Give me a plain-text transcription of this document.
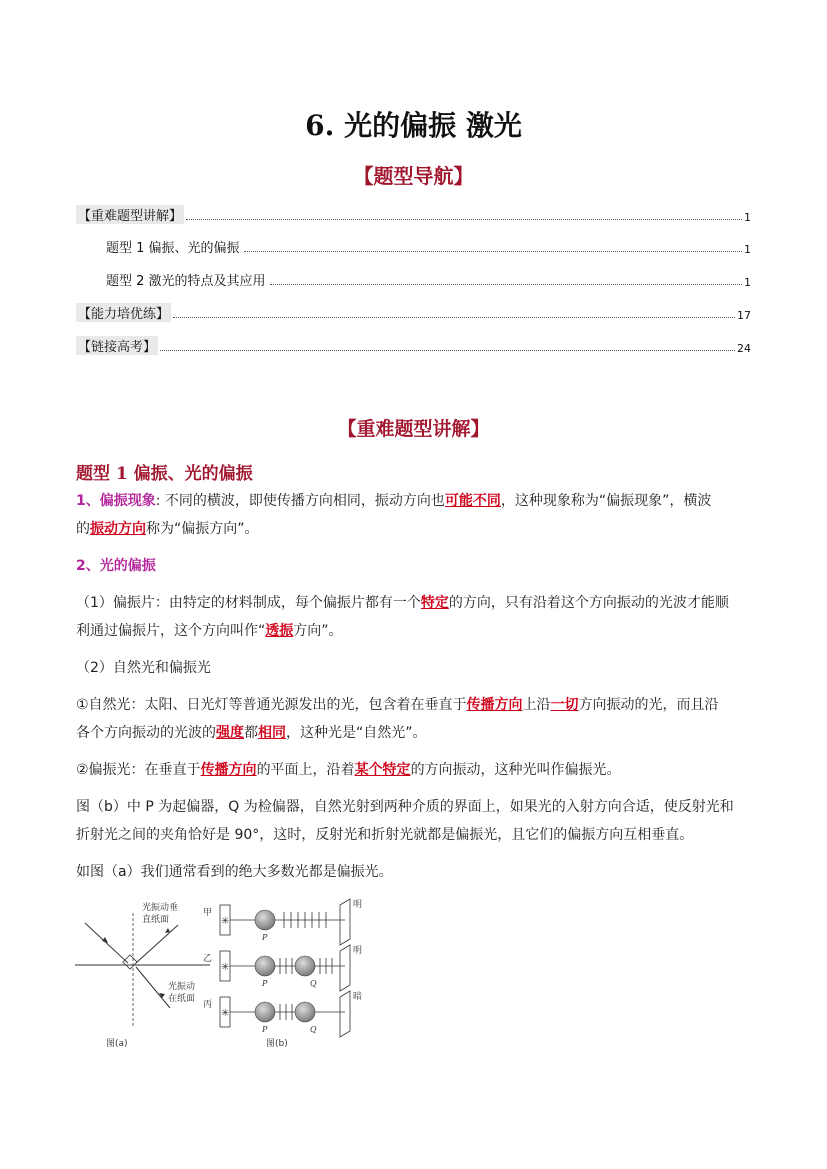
6. 光的偏振 激光
【题型导航】
【重难题型讲解】	1
题型 1 偏振、光的偏振	1
题型 2 激光的特点及其应用	1
【能力培优练】	17
【链接高考】	24
【重难题型讲解】
题型 1 偏振、光的偏振
1、偏振现象: 不同的横波，即使传播方向相同，振动方向也可能不同，这种现象称为“偏振现象”，横波
的振动方向称为“偏振方向”。
2、光的偏振
（1）偏振片：由特定的材料制成，每个偏振片都有一个特定的方向，只有沿着这个方向振动的光波才能顺
利通过偏振片，这个方向叫作“透振方向”。
（2）自然光和偏振光
①自然光：太阳、日光灯等普通光源发出的光，包含着在垂直于传播方向上沿一切方向振动的光，而且沿
各个方向振动的光波的强度都相同，这种光是“自然光”。
②偏振光：在垂直于传播方向的平面上，沿着某个特定的方向振动，这种光叫作偏振光。
图（b）中 P 为起偏器，Q 为检偏器，自然光射到两种介质的界面上，如果光的入射方向合适，使反射光和
折射光之间的夹角恰好是 90°，这时，反射光和折射光就都是偏振光，且它们的偏振方向互相垂直。
如图（a）我们通常看到的绝大多数光都是偏振光。
光振动垂
直纸面
光振动
在纸面
图(a)
甲
✳
P
明
乙
✳
P	Q
明
丙
✳
P	Q
暗
图(b)
